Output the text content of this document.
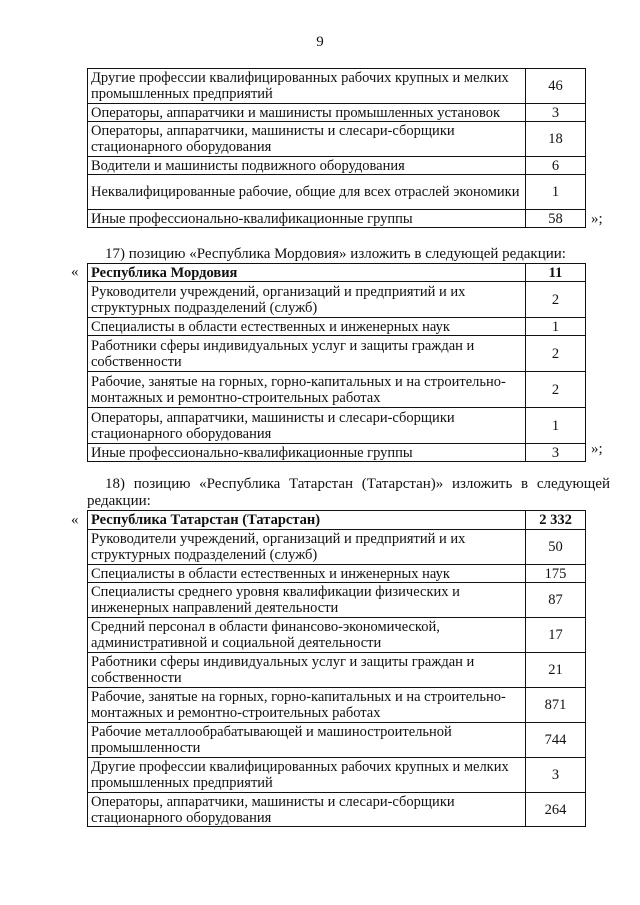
9
Другие профессии квалифицированных рабочих крупных и мелких промышленных предприятий	46
Операторы, аппаратчики и машинисты промышленных установок	3
Операторы, аппаратчики, машинисты и слесари-сборщики стационарного оборудования	18
Водители и машинисты подвижного оборудования	6
Неквалифицированные рабочие, общие для всех отраслей экономики	1
Иные профессионально-квалификационные группы	58 »;
17) позицию «Республика Мордовия» изложить в следующей редакции:
« Республика Мордовия	11
Руководители учреждений, организаций и предприятий и их структурных подразделений (служб)	2
Специалисты в области естественных и инженерных наук	1
Работники сферы индивидуальных услуг и защиты граждан и собственности	2
Рабочие, занятые на горных, горно-капитальных и на строительно-монтажных и ремонтно-строительных работах	2
Операторы, аппаратчики, машинисты и слесари-сборщики стационарного оборудования	1
Иные профессионально-квалификационные группы	3 »;
18) позицию «Республика Татарстан (Татарстан)» изложить в следующей
редакции:
« Республика Татарстан (Татарстан)	2 332
Руководители учреждений, организаций и предприятий и их структурных подразделений (служб)	50
Специалисты в области естественных и инженерных наук	175
Специалисты среднего уровня квалификации физических и инженерных направлений деятельности	87
Средний персонал в области финансово-экономической, административной и социальной деятельности	17
Работники сферы индивидуальных услуг и защиты граждан и собственности	21
Рабочие, занятые на горных, горно-капитальных и на строительно-монтажных и ремонтно-строительных работах	871
Рабочие металлообрабатывающей и машиностроительной промышленности	744
Другие профессии квалифицированных рабочих крупных и мелких промышленных предприятий	3
Операторы, аппаратчики, машинисты и слесари-сборщики стационарного оборудования	264
